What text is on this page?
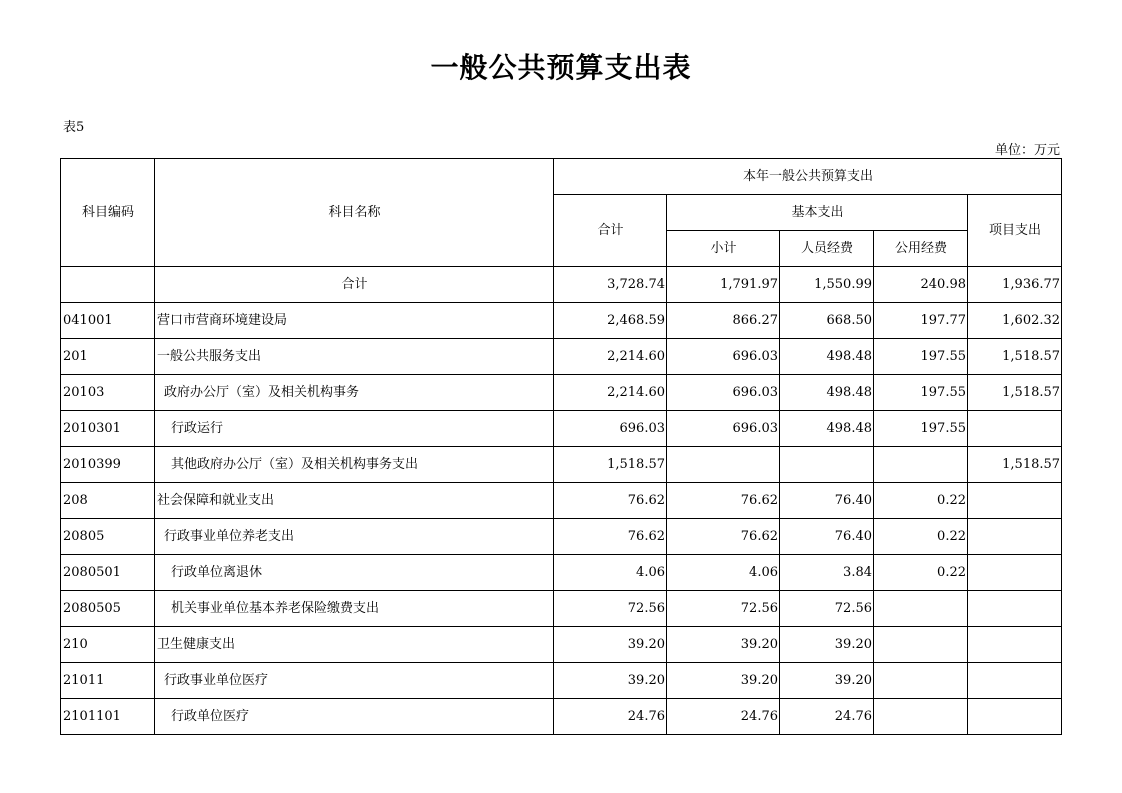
一般公共预算支出表
表5
单位：万元
科目编码	科目名称	本年一般公共预算支出				
		合计	基本支出			项目支出
			小计	人员经费	公用经费	
	合计	3,728.74	1,791.97	1,550.99	240.98	1,936.77
041001	营口市营商环境建设局	2,468.59	866.27	668.50	197.77	1,602.32
201	一般公共服务支出	2,214.60	696.03	498.48	197.55	1,518.57
20103	政府办公厅（室）及相关机构事务	2,214.60	696.03	498.48	197.55	1,518.57
2010301	行政运行	696.03	696.03	498.48	197.55	
2010399	其他政府办公厅（室）及相关机构事务支出	1,518.57				1,518.57
208	社会保障和就业支出	76.62	76.62	76.40	0.22	
20805	行政事业单位养老支出	76.62	76.62	76.40	0.22	
2080501	行政单位离退休	4.06	4.06	3.84	0.22	
2080505	机关事业单位基本养老保险缴费支出	72.56	72.56	72.56		
210	卫生健康支出	39.20	39.20	39.20		
21011	行政事业单位医疗	39.20	39.20	39.20		
2101101	行政单位医疗	24.76	24.76	24.76		
